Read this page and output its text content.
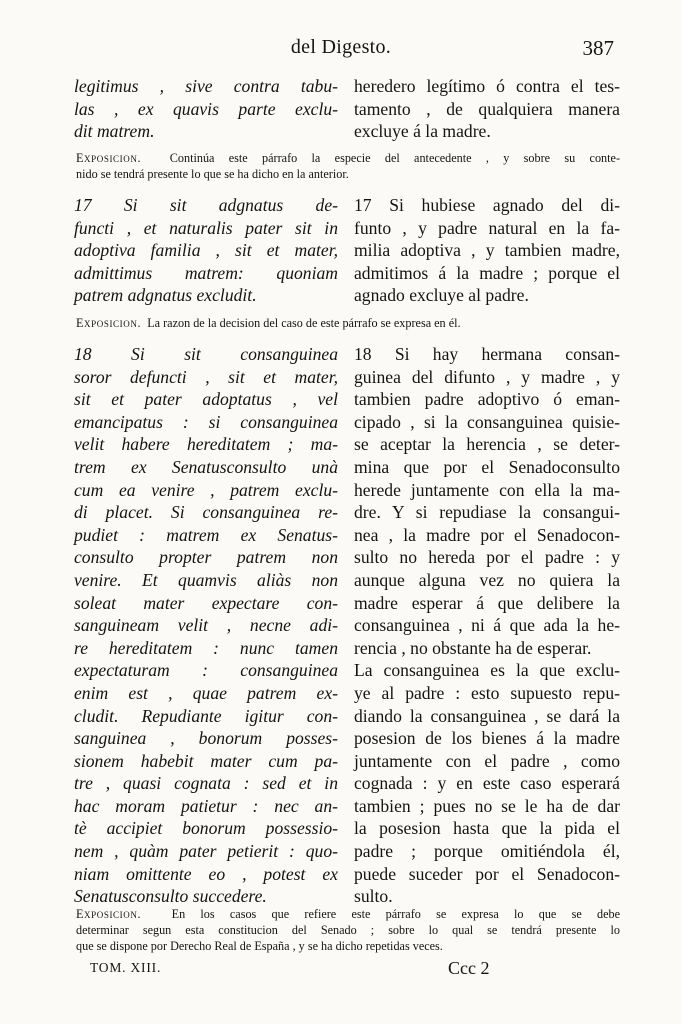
del Digesto.	387
legitimus , sive contra tabu-
las , ex quavis parte exclu-
dit matrem.
heredero legítimo ó contra el tes-
tamento , de qualquiera manera
excluye á la madre.
Exposicion. Continúa este párrafo la especie del antecedente , y sobre su conte-
nido se tendrá presente lo que se ha dicho en la anterior.
17 Si sit adgnatus de-
functi , et naturalis pater sit in
adoptiva familia , sit et mater,
admittimus matrem: quoniam
patrem adgnatus excludit.
17 Si hubiese agnado del di-
funto , y padre natural en la fa-
milia adoptiva , y tambien madre,
admitimos á la madre ; porque el
agnado excluye al padre.
Exposicion. La razon de la decision del caso de este párrafo se expresa en él.
18 Si sit consanguinea
soror defuncti , sit et mater,
sit et pater adoptatus , vel
emancipatus : si consanguinea
velit habere hereditatem ; ma-
trem ex Senatusconsulto unà
cum ea venire , patrem exclu-
di placet. Si consanguinea re-
pudiet : matrem ex Senatus-
consulto propter patrem non
venire. Et quamvis aliàs non
soleat mater expectare con-
sanguineam velit , necne adi-
re hereditatem : nunc tamen
expectaturam : consanguinea
enim est , quae patrem ex-
cludit. Repudiante igitur con-
sanguinea , bonorum posses-
sionem habebit mater cum pa-
tre , quasi cognata : sed et in
hac moram patietur : nec an-
tè accipiet bonorum possessio-
nem , quàm pater petierit : quo-
niam omittente eo , potest ex
Senatusconsulto succedere.
18 Si hay hermana consan-
guinea del difunto , y madre , y
tambien padre adoptivo ó eman-
cipado , si la consanguinea quisie-
se aceptar la herencia , se deter-
mina que por el Senadoconsulto
herede juntamente con ella la ma-
dre. Y si repudiase la consangui-
nea , la madre por el Senadocon-
sulto no hereda por el padre : y
aunque alguna vez no quiera la
madre esperar á que delibere la
consanguinea , ni á que ada la he-
rencia , no obstante ha de esperar.
La consanguinea es la que exclu-
ye al padre : esto supuesto repu-
diando la consanguinea , se dará la
posesion de los bienes á la madre
juntamente con el padre , como
cognada : y en este caso esperará
tambien ; pues no se le ha de dar
la posesion hasta que la pida el
padre ; porque omitiéndola él,
puede suceder por el Senadocon-
sulto.
Exposicion.	En los casos que refiere este párrafo se expresa lo que se debe
determinar segun esta constitucion del Senado ; sobre lo qual se tendrá presente lo
que se dispone por Derecho Real de España , y se ha dicho repetidas veces.
TOM. XIII.	Ccc 2
